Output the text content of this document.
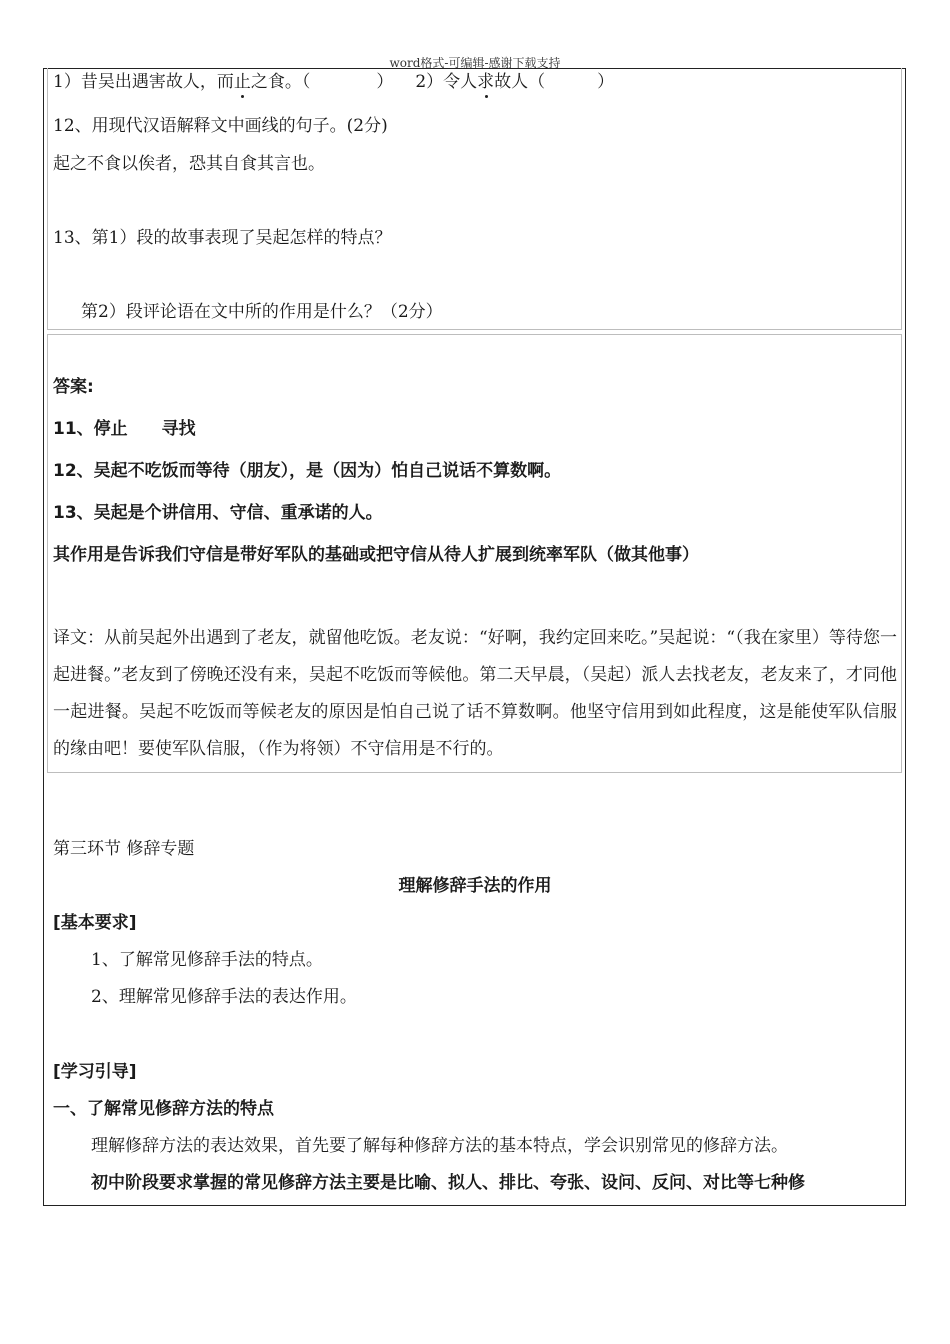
word格式-可编辑-感谢下载支持
1）昔吴出遇害故人，而止之食。（	） 2）令人求故人（	）
12、用现代汉语解释文中画线的句子。(2分)
起之不食以俟者，恐其自食其言也。
13、第1）段的故事表现了吴起怎样的特点？
第2）段评论语在文中所的作用是什么？（2分）
答案:
11、停止　　寻找
12、吴起不吃饭而等待（朋友），是（因为）怕自己说话不算数啊。
13、吴起是个讲信用、守信、重承诺的人。
其作用是告诉我们守信是带好军队的基础或把守信从待人扩展到统率军队（做其他事）
译文：从前吴起外出遇到了老友，就留他吃饭。老友说：“好啊，我约定回来吃。”吴起说：“（我在家里）等待您一起进餐。”老友到了傍晚还没有来，吴起不吃饭而等候他。第二天早晨，（吴起）派人去找老友，老友来了，才同他一起进餐。吴起不吃饭而等候老友的原因是怕自己说了话不算数啊。他坚守信用到如此程度，这是能使军队信服的缘由吧！要使军队信服，（作为将领）不守信用是不行的。
第三环节 修辞专题
理解修辞手法的作用
[基本要求]
1、了解常见修辞手法的特点。
2、理解常见修辞手法的表达作用。
[学习引导]
一、了解常见修辞方法的特点
理解修辞方法的表达效果，首先要了解每种修辞方法的基本特点，学会识别常见的修辞方法。
初中阶段要求掌握的常见修辞方法主要是比喻、拟人、排比、夸张、设问、反问、对比等七种修
